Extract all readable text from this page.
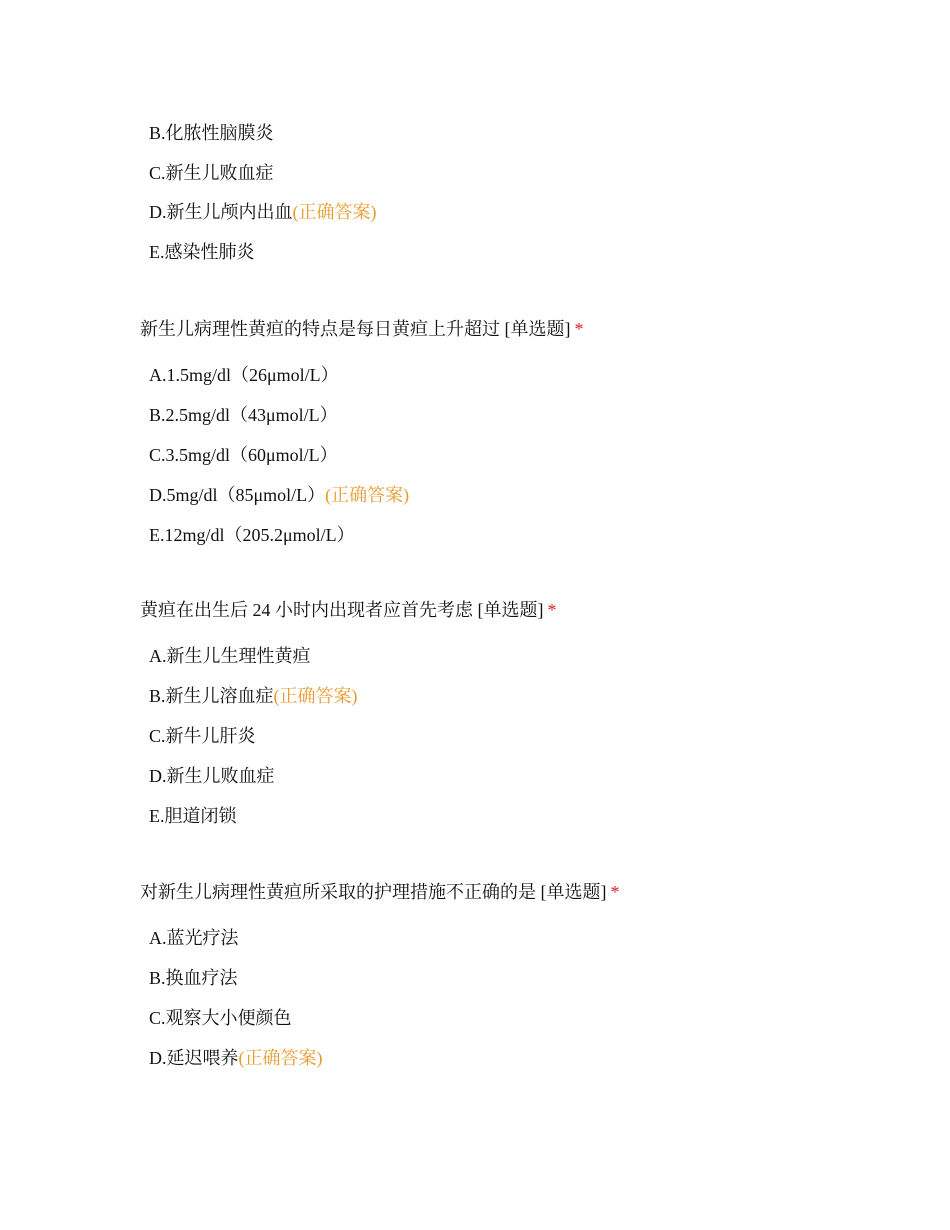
B.化脓性脑膜炎
C.新生儿败血症
D.新生儿颅内出血(正确答案)
E.感染性肺炎
新生儿病理性黄疸的特点是每日黄疸上升超过 [单选题] *
A.1.5mg/dl（26μmol/L）
B.2.5mg/dl（43μmol/L）
C.3.5mg/dl（60μmol/L）
D.5mg/dl（85μmol/L）(正确答案)
E.12mg/dl（205.2μmol/L）
黄疸在出生后 24 小时内出现者应首先考虑 [单选题] *
A.新生儿生理性黄疸
B.新生儿溶血症(正确答案)
C.新牛儿肝炎
D.新生儿败血症
E.胆道闭锁
对新生儿病理性黄疸所采取的护理措施不正确的是 [单选题] *
A.蓝光疗法
B.换血疗法
C.观察大小便颜色
D.延迟喂养(正确答案)
